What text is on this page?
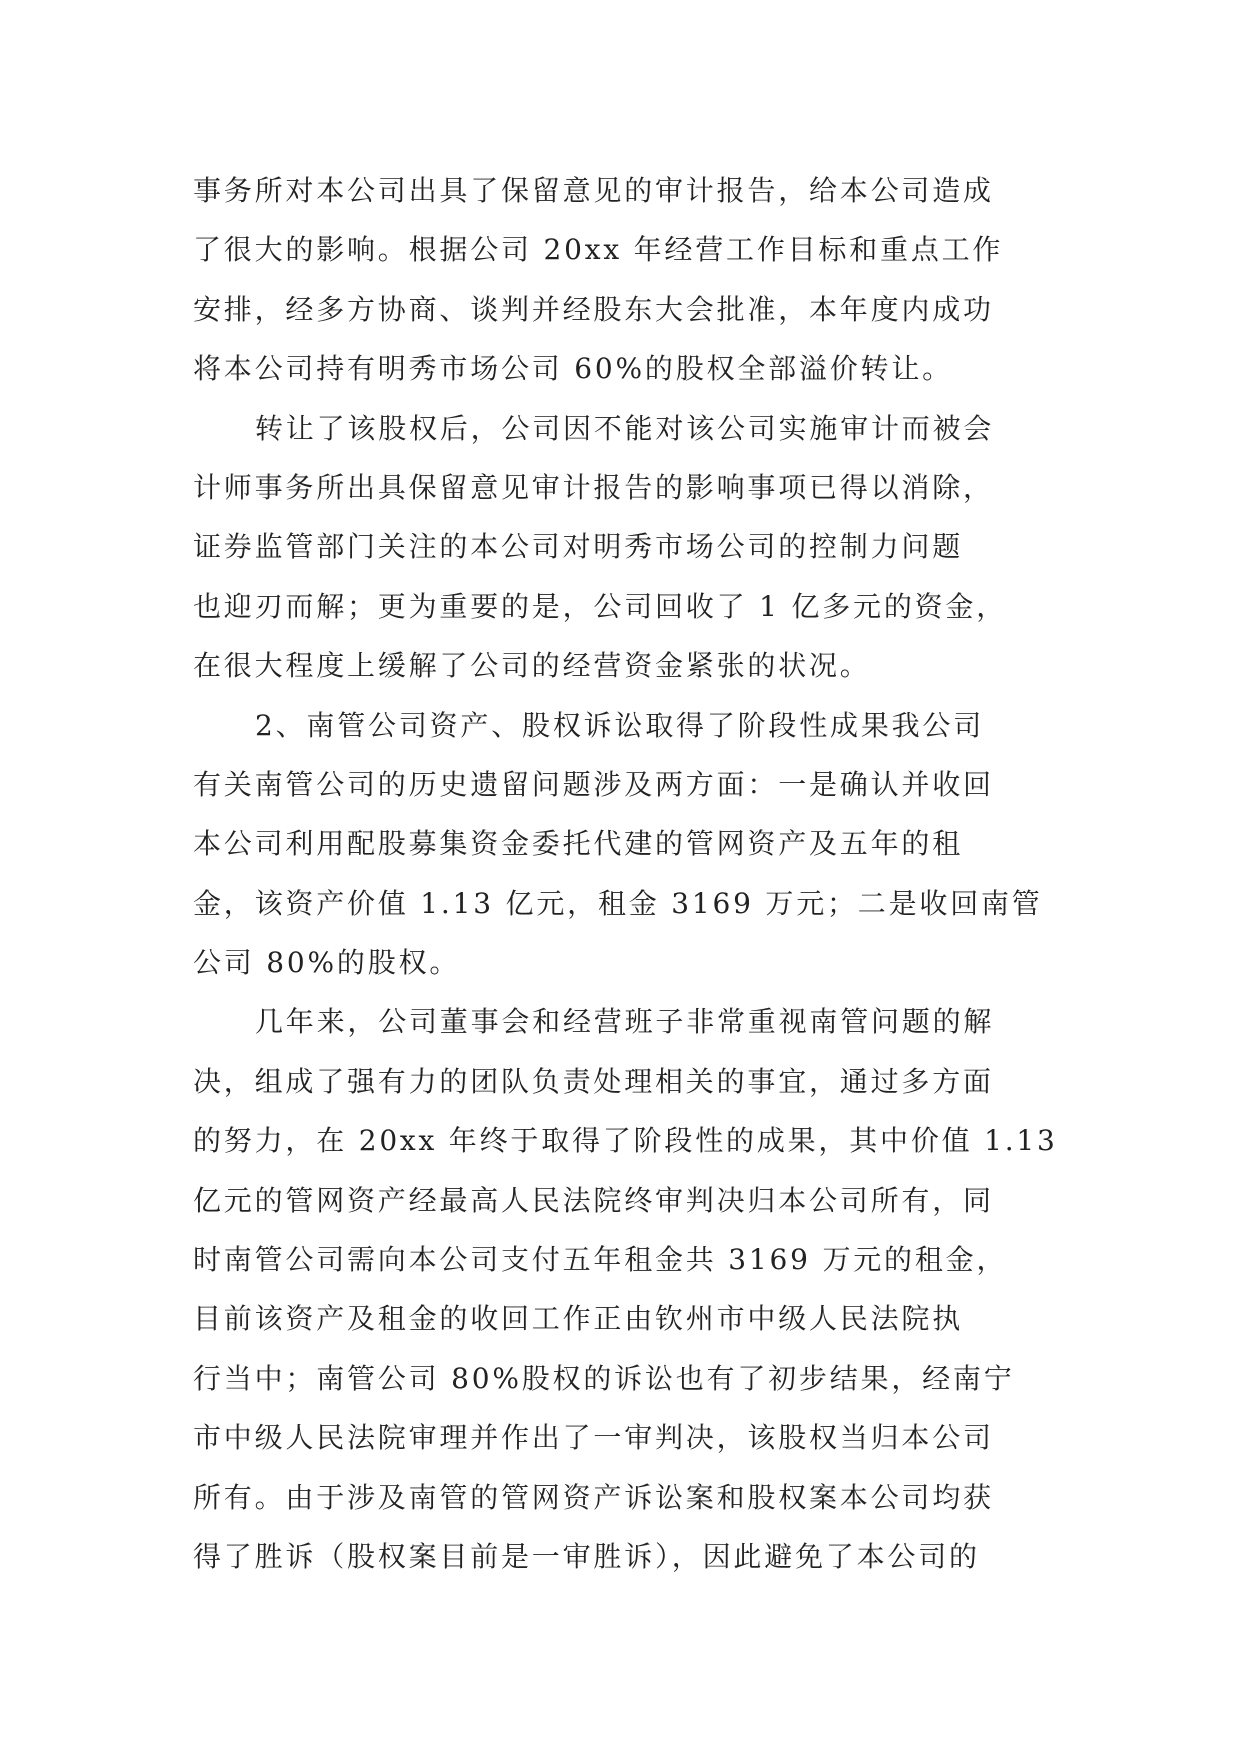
事务所对本公司出具了保留意见的审计报告，给本公司造成
了很大的影响。根据公司 20xx 年经营工作目标和重点工作
安排，经多方协商、谈判并经股东大会批准，本年度内成功
将本公司持有明秀市场公司 60%的股权全部溢价转让。
转让了该股权后，公司因不能对该公司实施审计而被会
计师事务所出具保留意见审计报告的影响事项已得以消除，
证券监管部门关注的本公司对明秀市场公司的控制力问题
也迎刃而解；更为重要的是，公司回收了 1 亿多元的资金，
在很大程度上缓解了公司的经营资金紧张的状况。
2、南管公司资产、股权诉讼取得了阶段性成果我公司
有关南管公司的历史遗留问题涉及两方面：一是确认并收回
本公司利用配股募集资金委托代建的管网资产及五年的租
金，该资产价值 1.13 亿元，租金 3169 万元；二是收回南管
公司 80%的股权。
几年来，公司董事会和经营班子非常重视南管问题的解
决，组成了强有力的团队负责处理相关的事宜，通过多方面
的努力，在 20xx 年终于取得了阶段性的成果，其中价值 1.13
亿元的管网资产经最高人民法院终审判决归本公司所有，同
时南管公司需向本公司支付五年租金共 3169 万元的租金，
目前该资产及租金的收回工作正由钦州市中级人民法院执
行当中；南管公司 80%股权的诉讼也有了初步结果，经南宁
市中级人民法院审理并作出了一审判决，该股权当归本公司
所有。由于涉及南管的管网资产诉讼案和股权案本公司均获
得了胜诉（股权案目前是一审胜诉），因此避免了本公司的
